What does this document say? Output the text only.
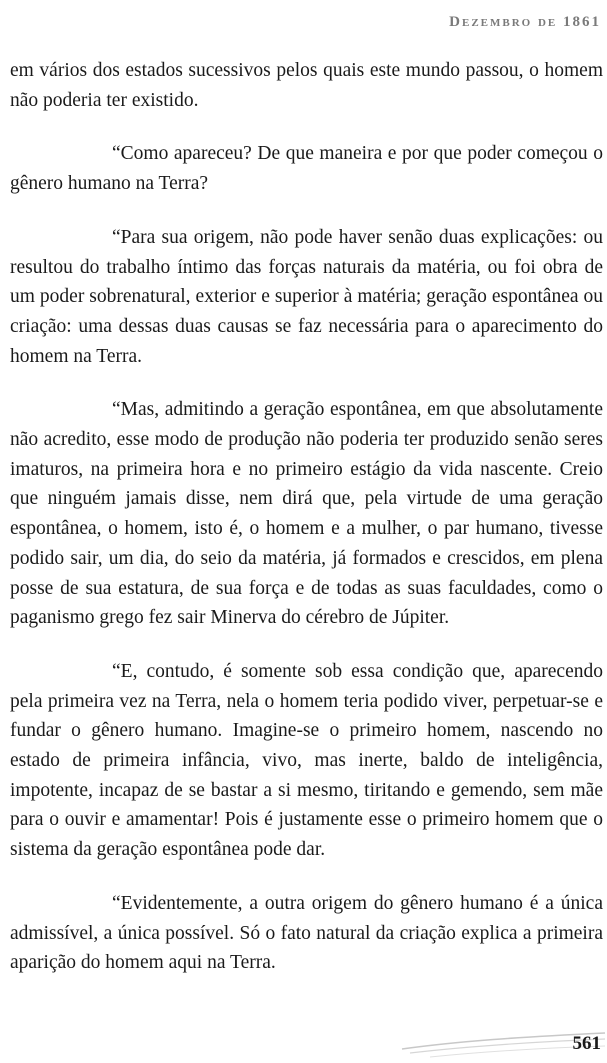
Dezembro de 1861

em vários dos estados sucessivos pelos quais este mundo passou, o homem não poderia ter existido.

“Como apareceu? De que maneira e por que poder começou o gênero humano na Terra?

“Para sua origem, não pode haver senão duas explicações: ou resultou do trabalho íntimo das forças naturais da matéria, ou foi obra de um poder sobrenatural, exterior e superior à matéria; geração espontânea ou criação: uma dessas duas causas se faz necessária para o aparecimento do homem na Terra.

“Mas, admitindo a geração espontânea, em que absolutamente não acredito, esse modo de produção não poderia ter produzido senão seres imaturos, na primeira hora e no primeiro estágio da vida nascente. Creio que ninguém jamais disse, nem dirá que, pela virtude de uma geração espontânea, o homem, isto é, o homem e a mulher, o par humano, tivesse podido sair, um dia, do seio da matéria, já formados e crescidos, em plena posse de sua estatura, de sua força e de todas as suas faculdades, como o paganismo grego fez sair Minerva do cérebro de Júpiter.

“E, contudo, é somente sob essa condição que, aparecendo pela primeira vez na Terra, nela o homem teria podido viver, perpetuar-se e fundar o gênero humano. Imagine-se o primeiro homem, nascendo no estado de primeira infância, vivo, mas inerte, baldo de inteligência, impotente, incapaz de se bastar a si mesmo, tiritando e gemendo, sem mãe para o ouvir e amamentar! Pois é justamente esse o primeiro homem que o sistema da geração espontânea pode dar.

“Evidentemente, a outra origem do gênero humano é a única admissível, a única possível. Só o fato natural da criação explica a primeira aparição do homem aqui na Terra.

561
